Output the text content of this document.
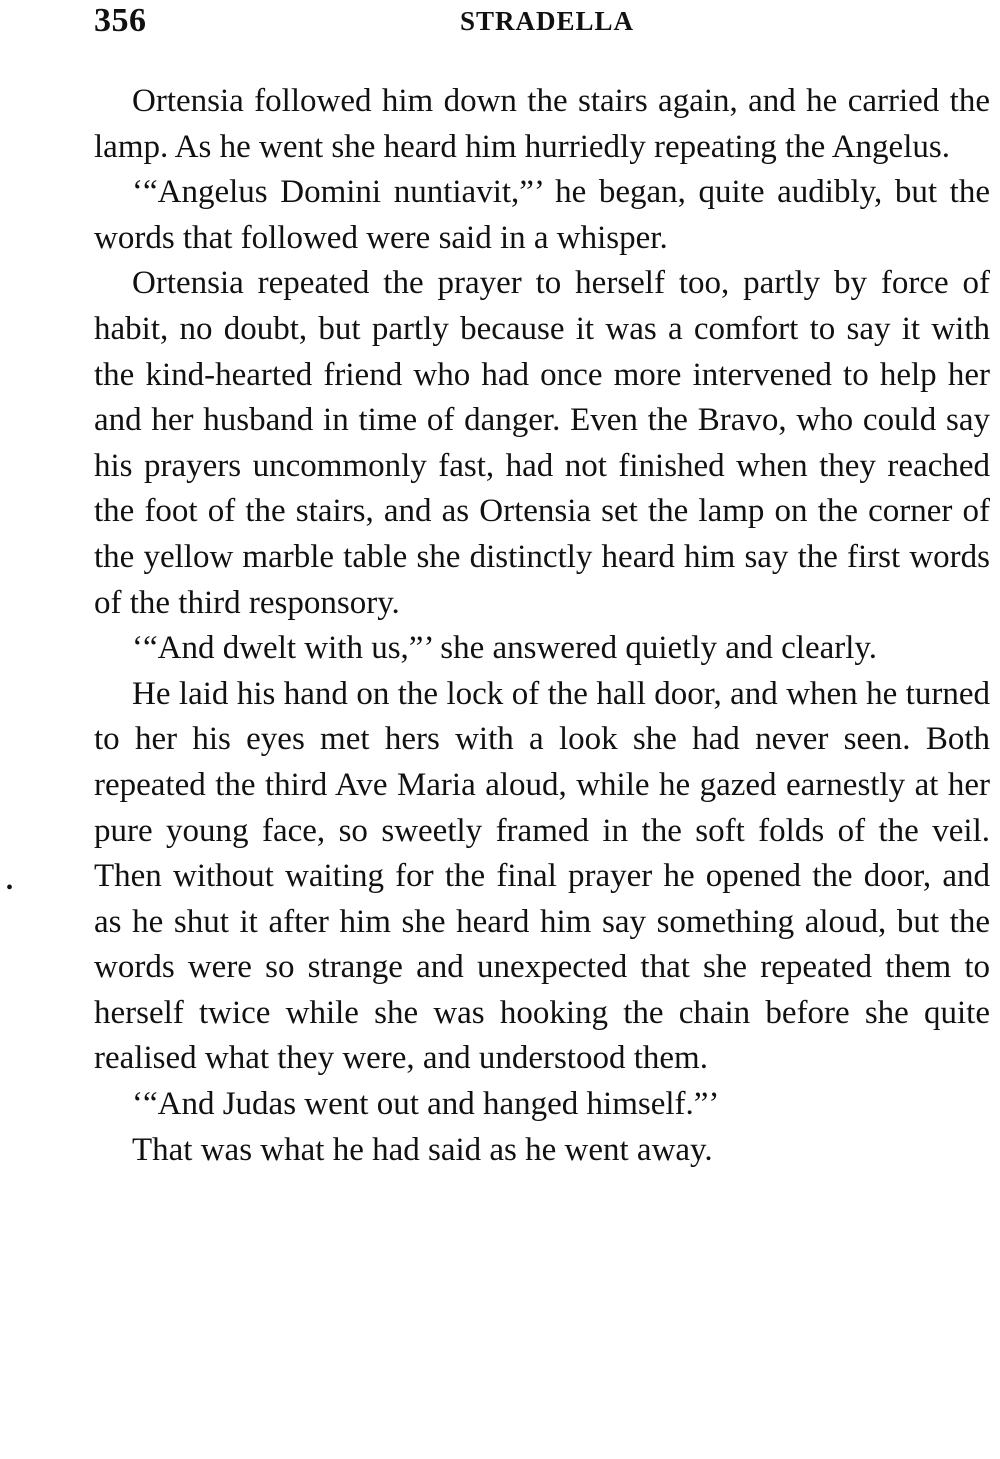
356	STRADELLA
•

Ortensia followed him down the stairs again, and he carried the lamp. As he went she heard him hurriedly repeating the Angelus.

‘“Angelus Domini nuntiavit,”’ he began, quite audibly, but the words that followed were said in a whisper.

Ortensia repeated the prayer to herself too, partly by force of habit, no doubt, but partly because it was a comfort to say it with the kind-hearted friend who had once more intervened to help her and her husband in time of danger. Even the Bravo, who could say his prayers uncommonly fast, had not finished when they reached the foot of the stairs, and as Ortensia set the lamp on the corner of the yellow marble table she distinctly heard him say the first words of the third responsory.

‘“And dwelt with us,”’ she answered quietly and clearly.

He laid his hand on the lock of the hall door, and when he turned to her his eyes met hers with a look she had never seen. Both repeated the third Ave Maria aloud, while he gazed earnestly at her pure young face, so sweetly framed in the soft folds of the veil. Then without waiting for the final prayer he opened the door, and as he shut it after him she heard him say something aloud, but the words were so strange and unexpected that she repeated them to herself twice while she was hooking the chain before she quite realised what they were, and understood them.

‘“And Judas went out and hanged himself.”’

That was what he had said as he went away.
